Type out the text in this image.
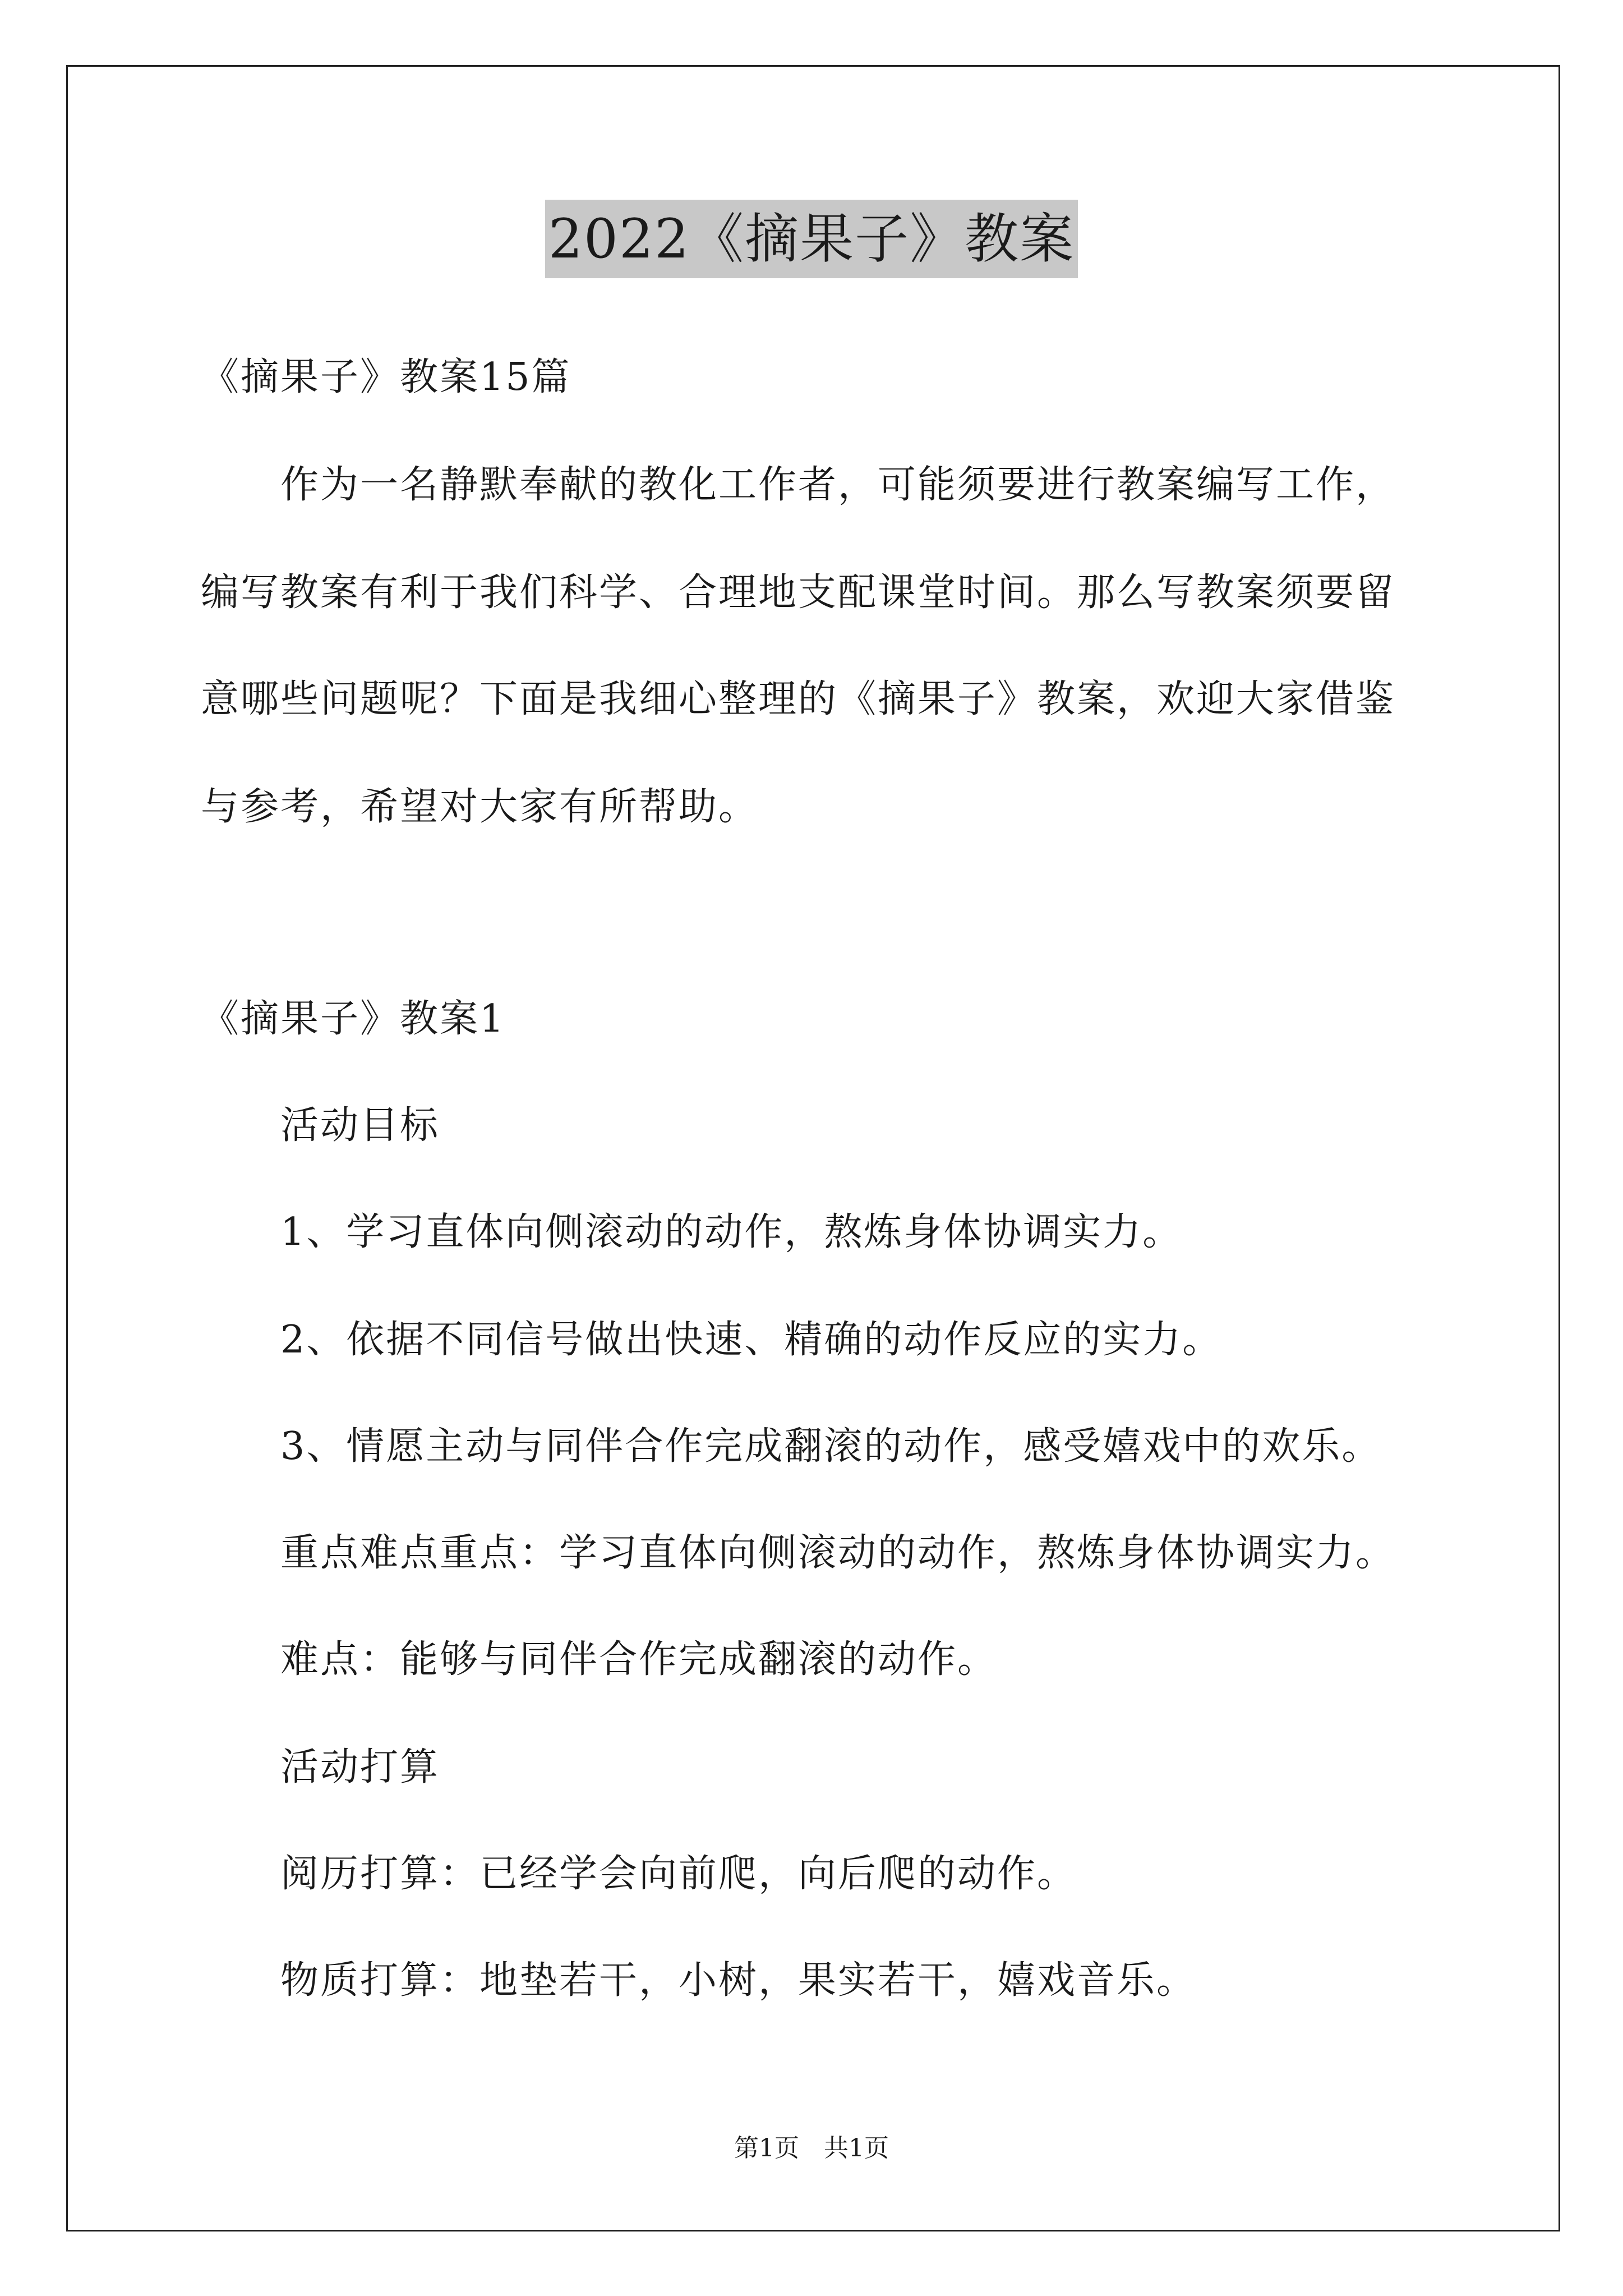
2022《摘果子》教案
《摘果子》教案15篇
作为一名静默奉献的教化工作者，可能须要进行教案编写工作，
编写教案有利于我们科学、合理地支配课堂时间。那么写教案须要留
意哪些问题呢？下面是我细心整理的《摘果子》教案，欢迎大家借鉴
与参考，希望对大家有所帮助。
《摘果子》教案1
活动目标
1、学习直体向侧滚动的动作，熬炼身体协调实力。
2、依据不同信号做出快速、精确的动作反应的实力。
3、情愿主动与同伴合作完成翻滚的动作，感受嬉戏中的欢乐。
重点难点重点：学习直体向侧滚动的动作，熬炼身体协调实力。
难点：能够与同伴合作完成翻滚的动作。
活动打算
阅历打算：已经学会向前爬，向后爬的动作。
物质打算：地垫若干，小树，果实若干，嬉戏音乐。
第1页　共1页
